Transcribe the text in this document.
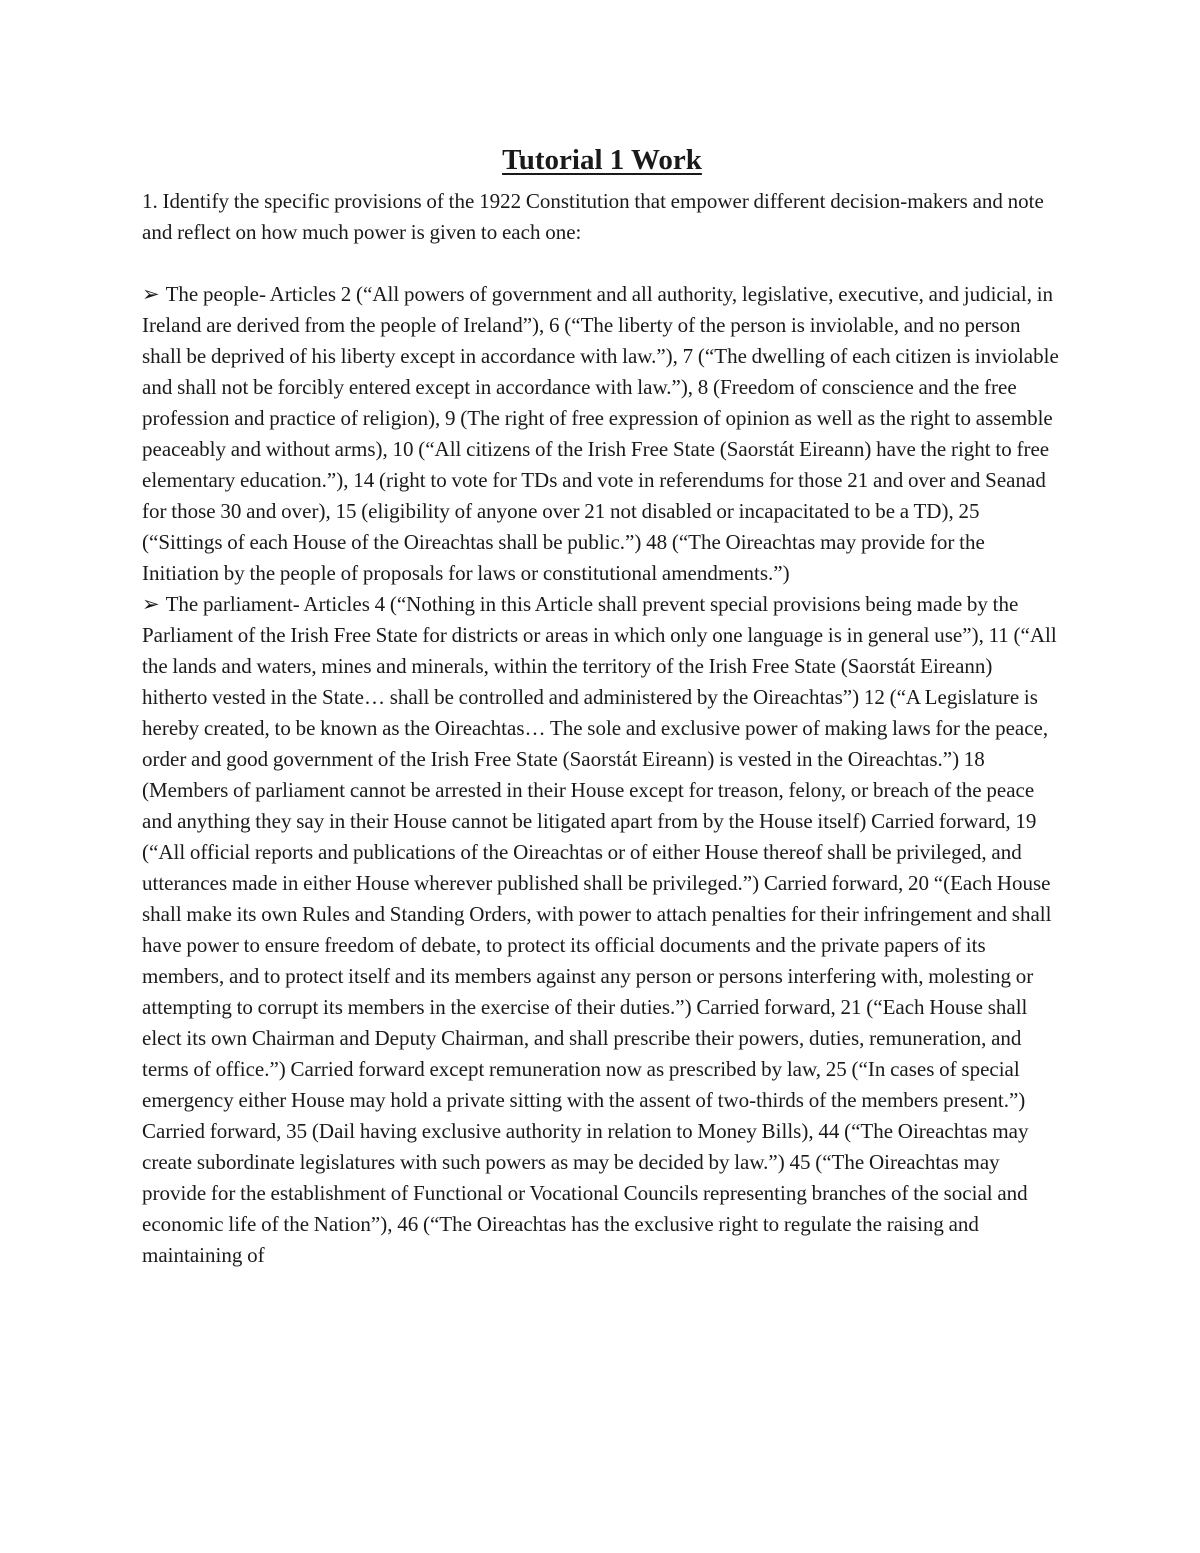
Tutorial 1 Work

1. Identify the specific provisions of the 1922 Constitution that empower different decision-makers and note and reflect on how much power is given to each one:

➢ The people- Articles 2 (“All powers of government and all authority, legislative, executive, and judicial, in Ireland are derived from the people of Ireland”), 6 (“The liberty of the person is inviolable, and no person shall be deprived of his liberty except in accordance with law.”), 7 (“The dwelling of each citizen is inviolable and shall not be forcibly entered except in accordance with law.”), 8 (Freedom of conscience and the free profession and practice of religion), 9 (The right of free expression of opinion as well as the right to assemble peaceably and without arms), 10 (“All citizens of the Irish Free State (Saorstát Eireann) have the right to free elementary education.”), 14 (right to vote for TDs and vote in referendums for those 21 and over and Seanad for those 30 and over), 15 (eligibility of anyone over 21 not disabled or incapacitated to be a TD), 25 (“Sittings of each House of the Oireachtas shall be public.”) 48 (“The Oireachtas may provide for the Initiation by the people of proposals for laws or constitutional amendments.”)

➢ The parliament- Articles 4 (“Nothing in this Article shall prevent special provisions being made by the Parliament of the Irish Free State for districts or areas in which only one language is in general use”), 11 (“All the lands and waters, mines and minerals, within the territory of the Irish Free State (Saorstát Eireann) hitherto vested in the State… shall be controlled and administered by the Oireachtas”) 12 (“A Legislature is hereby created, to be known as the Oireachtas… The sole and exclusive power of making laws for the peace, order and good government of the Irish Free State (Saorstát Eireann) is vested in the Oireachtas.”) 18 (Members of parliament cannot be arrested in their House except for treason, felony, or breach of the peace and anything they say in their House cannot be litigated apart from by the House itself) Carried forward, 19 (“All official reports and publications of the Oireachtas or of either House thereof shall be privileged, and utterances made in either House wherever published shall be privileged.”) Carried forward, 20 “(Each House shall make its own Rules and Standing Orders, with power to attach penalties for their infringement and shall have power to ensure freedom of debate, to protect its official documents and the private papers of its members, and to protect itself and its members against any person or persons interfering with, molesting or attempting to corrupt its members in the exercise of their duties.”) Carried forward, 21 (“Each House shall elect its own Chairman and Deputy Chairman, and shall prescribe their powers, duties, remuneration, and terms of office.”) Carried forward except remuneration now as prescribed by law, 25 (“In cases of special emergency either House may hold a private sitting with the assent of two-thirds of the members present.”) Carried forward, 35 (Dail having exclusive authority in relation to Money Bills), 44 (“The Oireachtas may create subordinate legislatures with such powers as may be decided by law.”) 45 (“The Oireachtas may provide for the establishment of Functional or Vocational Councils representing branches of the social and economic life of the Nation”), 46 (“The Oireachtas has the exclusive right to regulate the raising and maintaining of
